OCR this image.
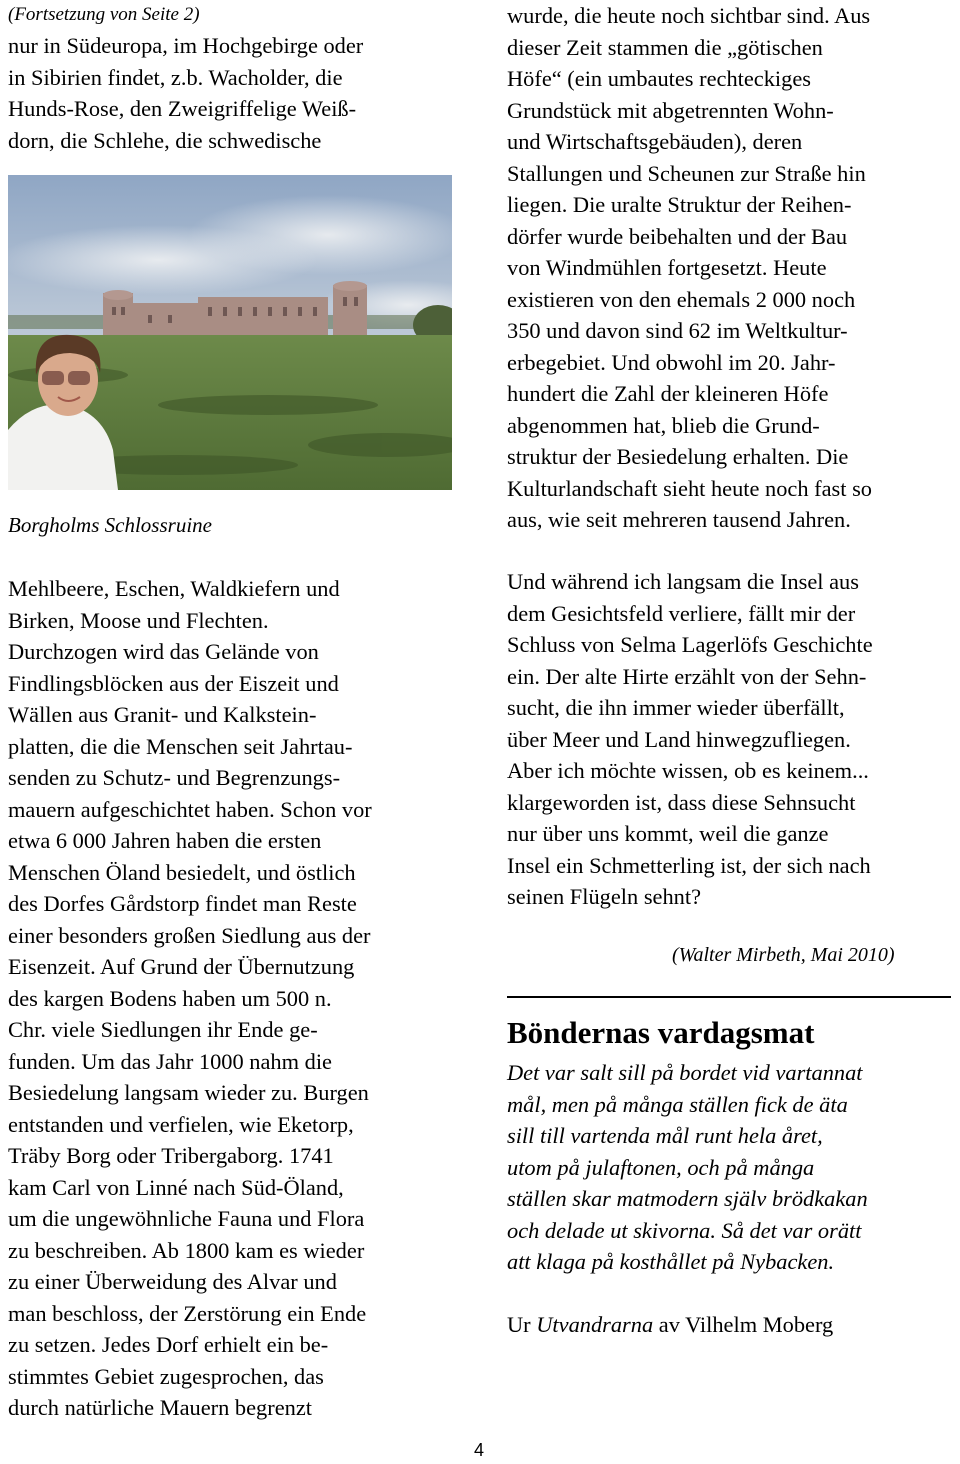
(Fortsetzung von Seite 2)

nur in Südeuropa, im Hochgebirge oder
in Sibirien findet, z.b. Wacholder, die
Hunds-Rose, den Zweigriffelige Weiß-
dorn, die Schlehe, die schwedische

Borgholms Schlossruine

Mehlbeere, Eschen, Waldkiefern und
Birken, Moose und Flechten.
Durchzogen wird das Gelände von
Findlingsblöcken aus der Eiszeit und
Wällen aus Granit- und Kalkstein-
platten, die die Menschen seit Jahrtau-
senden zu Schutz- und Begrenzungs-
mauern aufgeschichtet haben. Schon vor
etwa 6 000 Jahren haben die ersten
Menschen Öland besiedelt, und östlich
des Dorfes Gårdstorp findet man Reste
einer besonders großen Siedlung aus der
Eisenzeit. Auf Grund der Übernutzung
des kargen Bodens haben um 500 n.
Chr. viele Siedlungen ihr Ende ge-
funden. Um das Jahr 1000 nahm die
Besiedelung langsam wieder zu. Burgen
entstanden und verfielen, wie Eketorp,
Träby Borg oder Tribergaborg. 1741
kam Carl von Linné nach Süd-Öland,
um die ungewöhnliche Fauna und Flora
zu beschreiben. Ab 1800 kam es wieder
zu einer Überweidung des Alvar und
man beschloss, der Zerstörung ein Ende
zu setzen. Jedes Dorf erhielt ein be-
stimmtes Gebiet zugesprochen, das
durch natürliche Mauern begrenzt

wurde, die heute noch sichtbar sind. Aus
dieser Zeit stammen die „götischen
Höfe“ (ein umbautes rechteckiges
Grundstück mit abgetrennten Wohn-
und Wirtschaftsgebäuden), deren
Stallungen und Scheunen zur Straße hin
liegen. Die uralte Struktur der Reihen-
dörfer wurde beibehalten und der Bau
von Windmühlen fortgesetzt. Heute
existieren von den ehemals 2 000 noch
350 und davon sind 62 im Weltkultur-
erbegebiet. Und obwohl im 20. Jahr-
hundert die Zahl der kleineren Höfe
abgenommen hat, blieb die Grund-
struktur der Besiedelung erhalten. Die
Kulturlandschaft sieht heute noch fast so
aus, wie seit mehreren tausend Jahren.

Und während ich langsam die Insel aus
dem Gesichtsfeld verliere, fällt mir der
Schluss von Selma Lagerlöfs Geschichte
ein. Der alte Hirte erzählt von der Sehn-
sucht, die ihn immer wieder überfällt,
über Meer und Land hinwegzufliegen.
Aber ich möchte wissen, ob es keinem...
klargeworden ist, dass diese Sehnsucht
nur über uns kommt, weil die ganze
Insel ein Schmetterling ist, der sich nach
seinen Flügeln sehnt?

(Walter Mirbeth, Mai 2010)
Böndernas vardagsmat

Det var salt sill på bordet vid vartannat
mål, men på många ställen fick de äta
sill till vartenda mål runt hela året,
utom på julaftonen, och på många
ställen skar matmodern själv brödkakan
och delade ut skivorna. Så det var orätt
att klaga på kosthållet på Nybacken.

Ur Utvandrarna av Vilhelm Moberg

4
